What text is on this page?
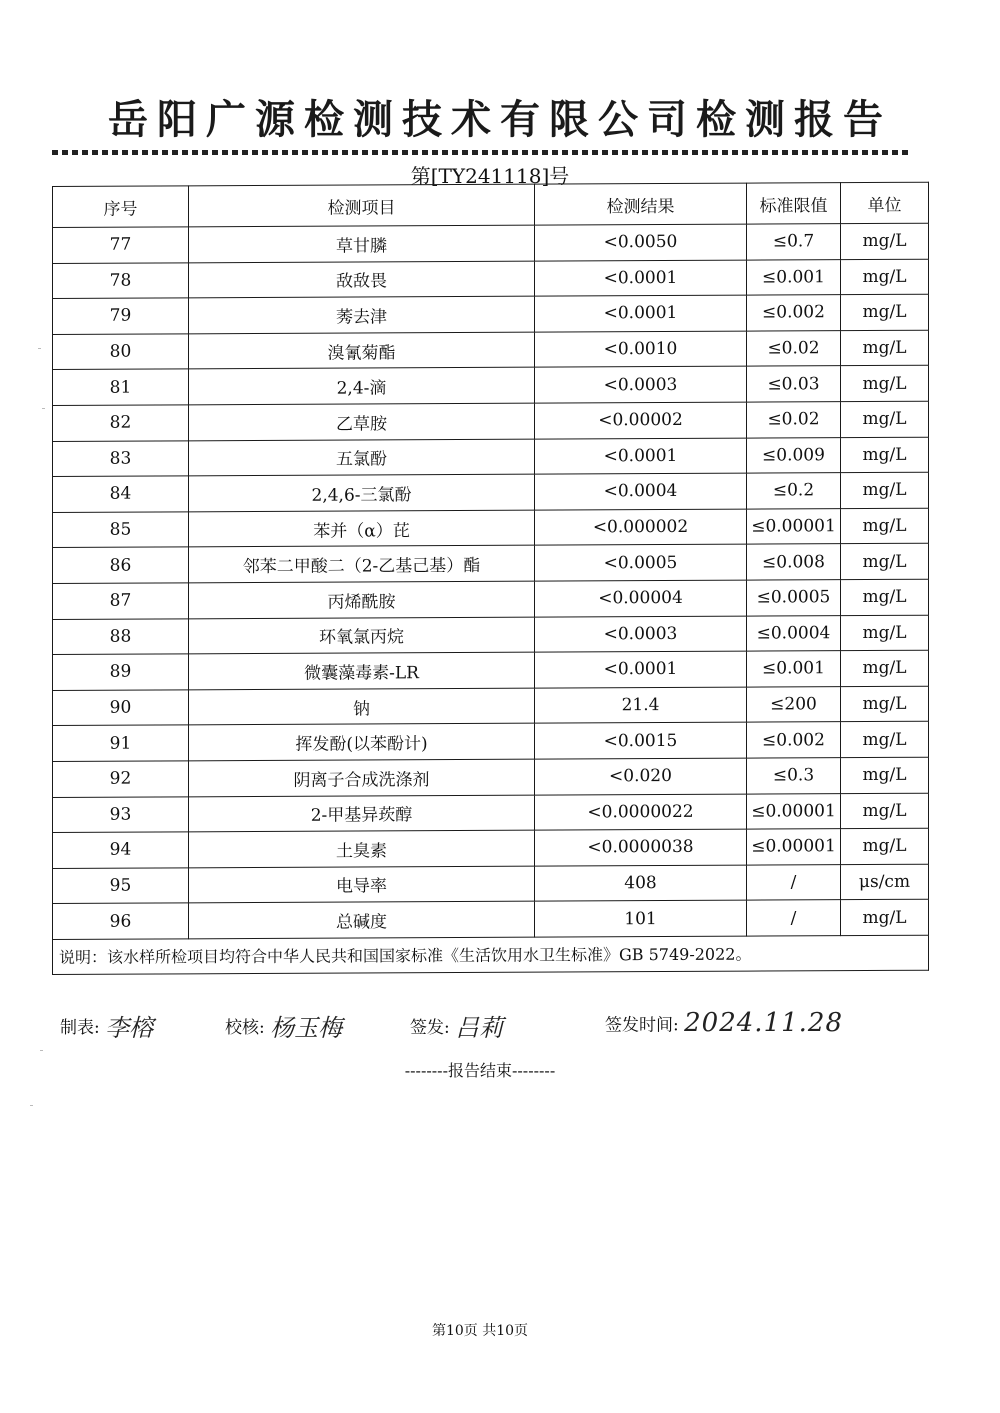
岳阳广源检测技术有限公司检测报告
第[TY241118]号
序号	检测项目	检测结果	标准限值	单位
77	草甘膦	<0.0050	≤0.7	mg/L
78	敌敌畏	<0.0001	≤0.001	mg/L
79	莠去津	<0.0001	≤0.002	mg/L
80	溴氰菊酯	<0.0010	≤0.02	mg/L
81	2,4-滴	<0.0003	≤0.03	mg/L
82	乙草胺	<0.00002	≤0.02	mg/L
83	五氯酚	<0.0001	≤0.009	mg/L
84	2,4,6-三氯酚	<0.0004	≤0.2	mg/L
85	苯并（α）芘	<0.000002	≤0.00001	mg/L
86	邻苯二甲酸二（2-乙基己基）酯	<0.0005	≤0.008	mg/L
87	丙烯酰胺	<0.00004	≤0.0005	mg/L
88	环氧氯丙烷	<0.0003	≤0.0004	mg/L
89	微囊藻毒素-LR	<0.0001	≤0.001	mg/L
90	钠	21.4	≤200	mg/L
91	挥发酚(以苯酚计)	<0.0015	≤0.002	mg/L
92	阴离子合成洗涤剂	<0.020	≤0.3	mg/L
93	2-甲基异莰醇	<0.0000022	≤0.00001	mg/L
94	土臭素	<0.0000038	≤0.00001	mg/L
95	电导率	408	/	μs/cm
96	总碱度	101	/	mg/L
说明：该水样所检项目均符合中华人民共和国国家标准《生活饮用水卫生标准》GB 5749-2022。				
制表: 李榕	校核: 杨玉梅	签发: 吕莉	签发时间: 2024.11.28
--------报告结束--------
第10页 共10页
